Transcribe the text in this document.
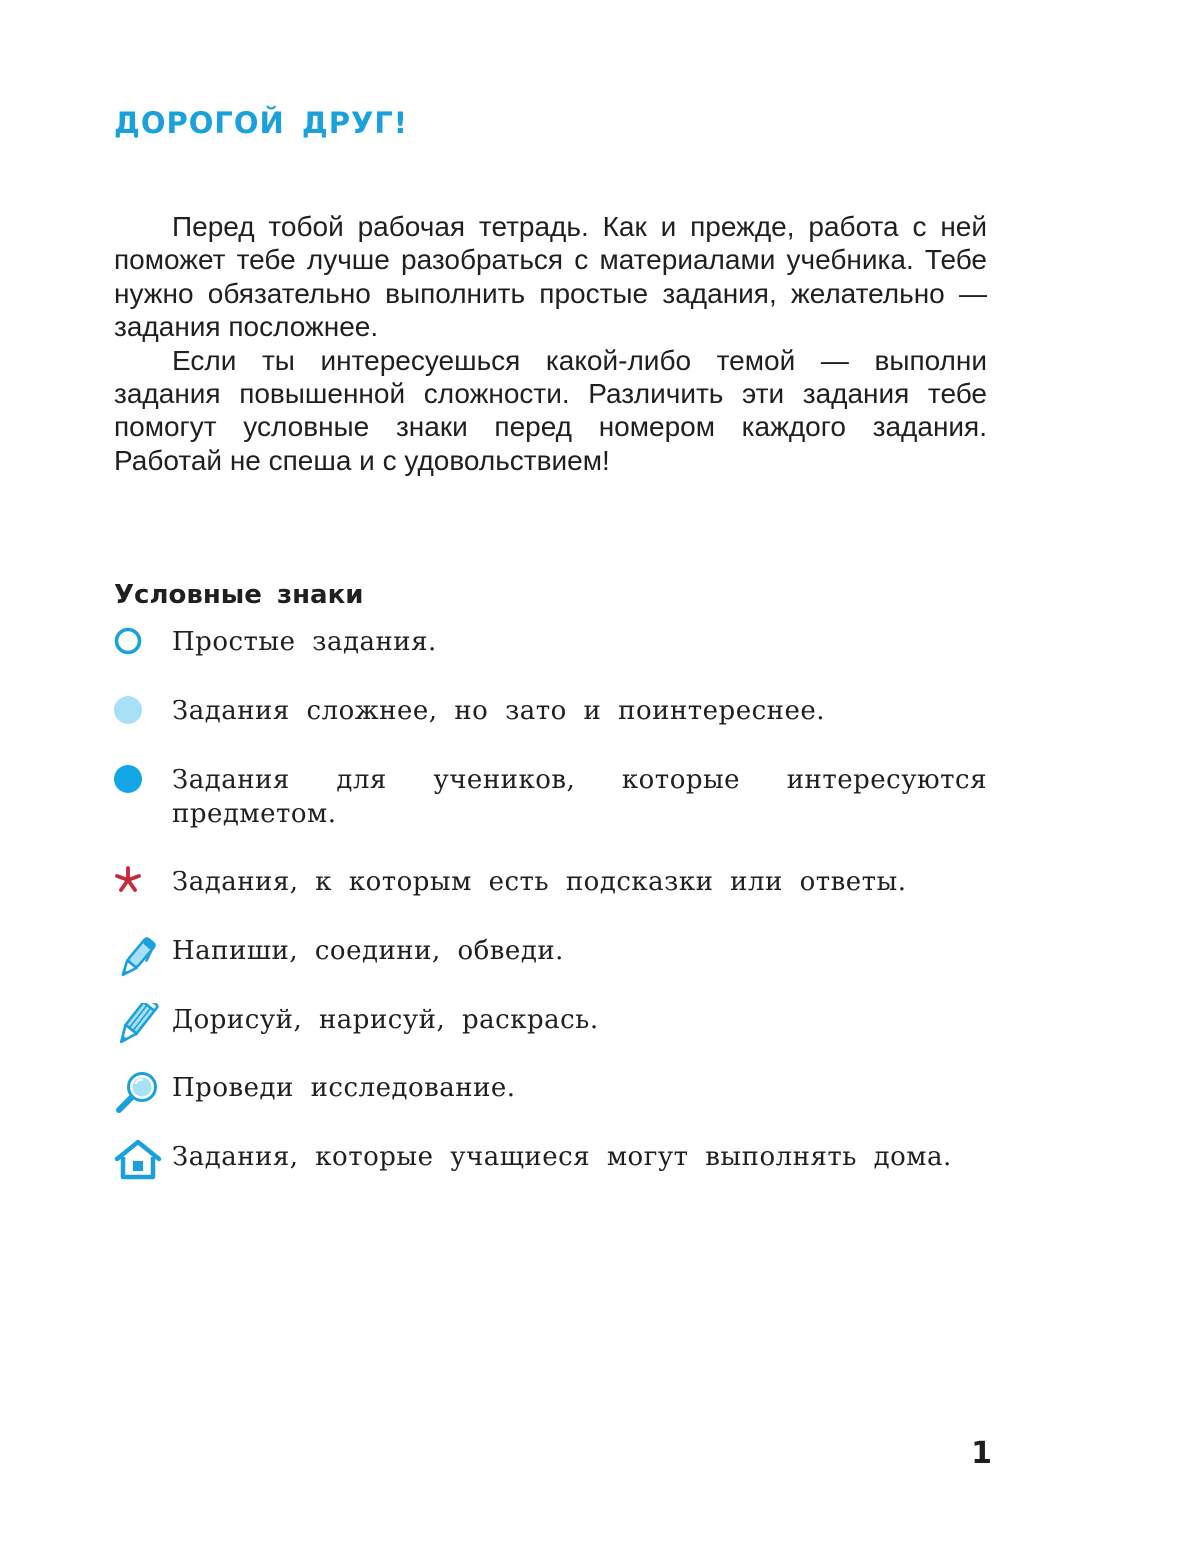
ДОРОГОЙ ДРУГ!

Перед тобой рабочая тетрадь. Как и прежде, работа с ней поможет тебе лучше разобраться с материалами учебника. Тебе нужно обязательно выполнить простые задания, желательно — задания посложнее.

Если ты интересуешься какой-либо темой — выполни задания повышенной сложности. Различить эти задания тебе помогут условные знаки перед номером каждого задания. Работай не спеша и с удовольствием!

Условные знаки
Простые задания.
Задания сложнее, но зато и поинтереснее.
Задания для учеников, которые интересуются предметом.
Задания, к которым есть подсказки или ответы.
Напиши, соедини, обведи.
Дорисуй, нарисуй, раскрась.
Проведи исследование.
Задания, которые учащиеся могут выполнять дома.
1
